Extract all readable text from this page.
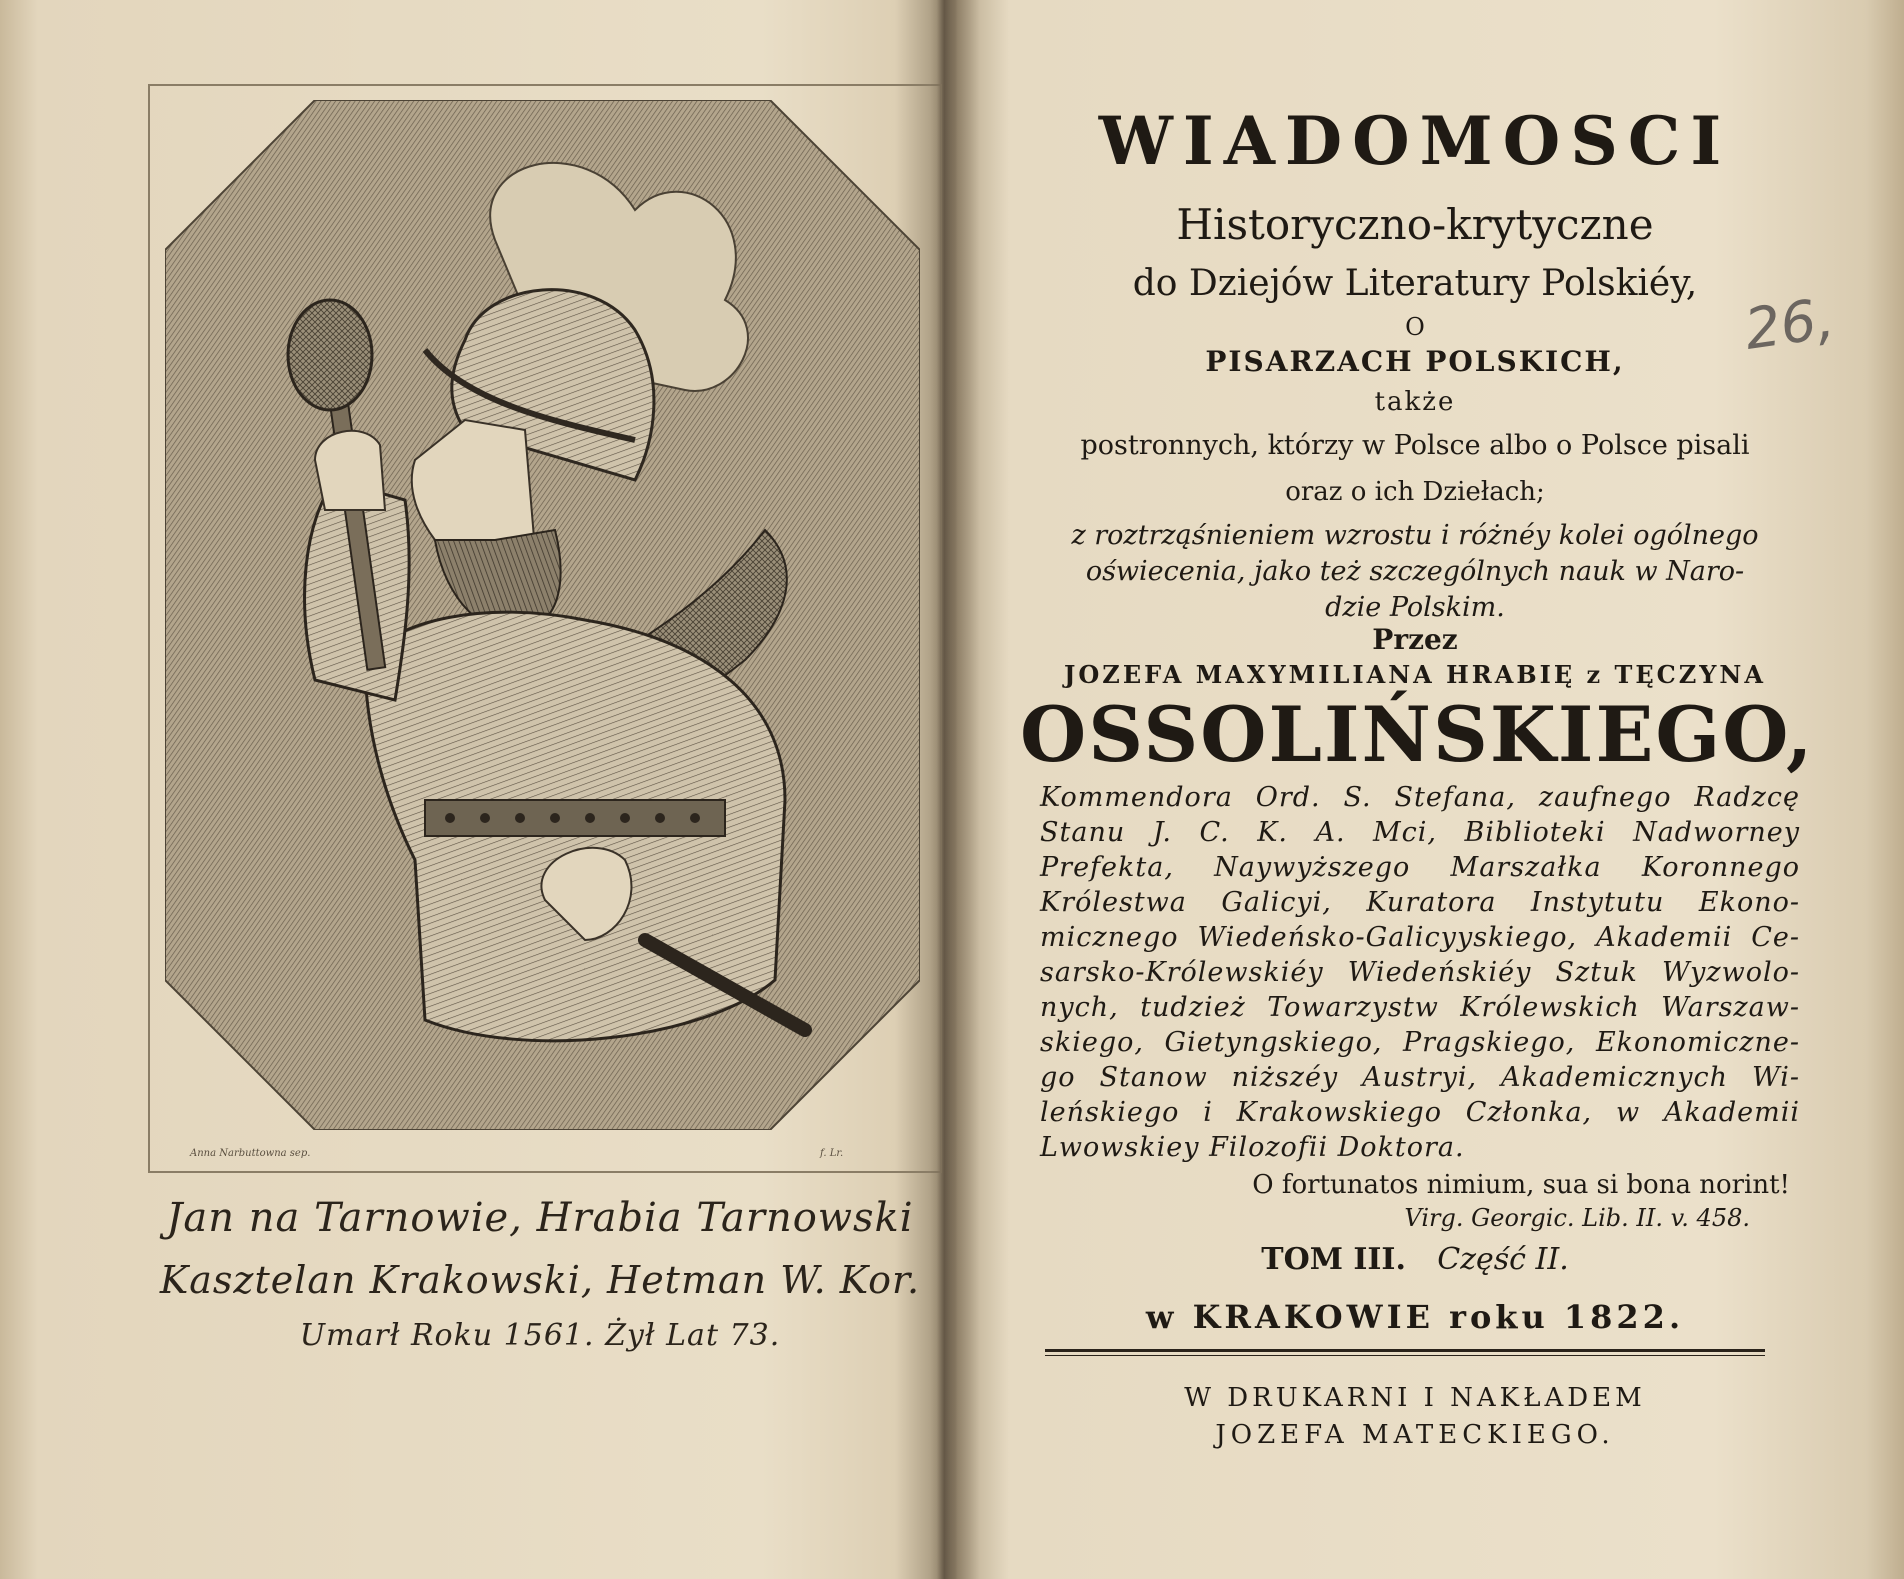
Anna Narbuttowna sep.	f. Lr.
Jan na Tarnowie, Hrabia Tarnowski
Kasztelan Krakowski, Hetman W. Kor.
Umarł Roku 1561. Żył Lat 73.
WIADOMOSCI
Historyczno-krytyczne
do Dziejów Literatury Polskiéy,
O
PISARZACH POLSKICH,
także
postronnych, którzy w Polsce albo o Polsce pisali
oraz o ich Dziełach;
z roztrząśnieniem wzrostu i różnéy kolei ogólnego
oświecenia, jako też szczególnych nauk w Naro-
dzie Polskim.
Przez
JOZEFA MAXYMILIANA HRABIĘ z TĘCZYNA
OSSOLIŃSKIEGO,
Kommendora Ord. S. Stefana, zaufnego Radzcę
Stanu J. C. K. A. Mci, Biblioteki Nadworney
Prefekta, Naywyższego Marszałka Koronnego
Królestwa Galicyi, Kuratora Instytutu Ekono-
micznego Wiedeńsko-Galicyyskiego, Akademii Ce-
sarsko-Królewskiéy Wiedeńskiéy Sztuk Wyzwolo-
nych, tudzież Towarzystw Królewskich Warszaw-
skiego, Gietyngskiego, Pragskiego, Ekonomiczne-
go Stanow niższéy Austryi, Akademicznych Wi-
leńskiego i Krakowskiego Członka, w Akademii
Lwowskiey Filozofii Doktora.
O fortunatos nimium, sua si bona norint!
Virg. Georgic. Lib. II. v. 458.
TOM III. Część II.
w KRAKOWIE roku 1822.
W DRUKARNI I NAKŁADEM
JOZEFA MATECKIEGO.
26,
